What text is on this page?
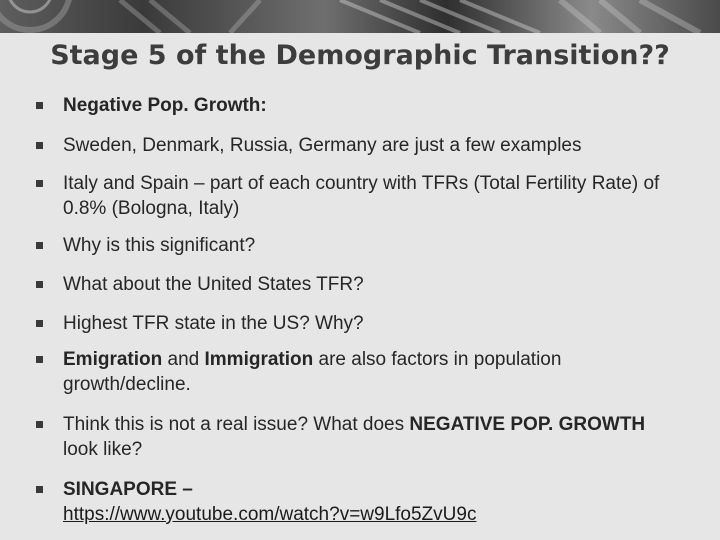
Stage 5 of the Demographic Transition??
Negative Pop. Growth:
Sweden, Denmark, Russia, Germany are just a few examples
Italy and Spain – part of each country with TFRs (Total Fertility Rate) of 0.8% (Bologna, Italy)
Why is this significant?
What about the United States TFR?
Highest TFR state in the US? Why?
Emigration and Immigration are also factors in population growth/decline.
Think this is not a real issue? What does NEGATIVE POP. GROWTH look like?
SINGAPORE –
https://www.youtube.com/watch?v=w9Lfo5ZvU9c
